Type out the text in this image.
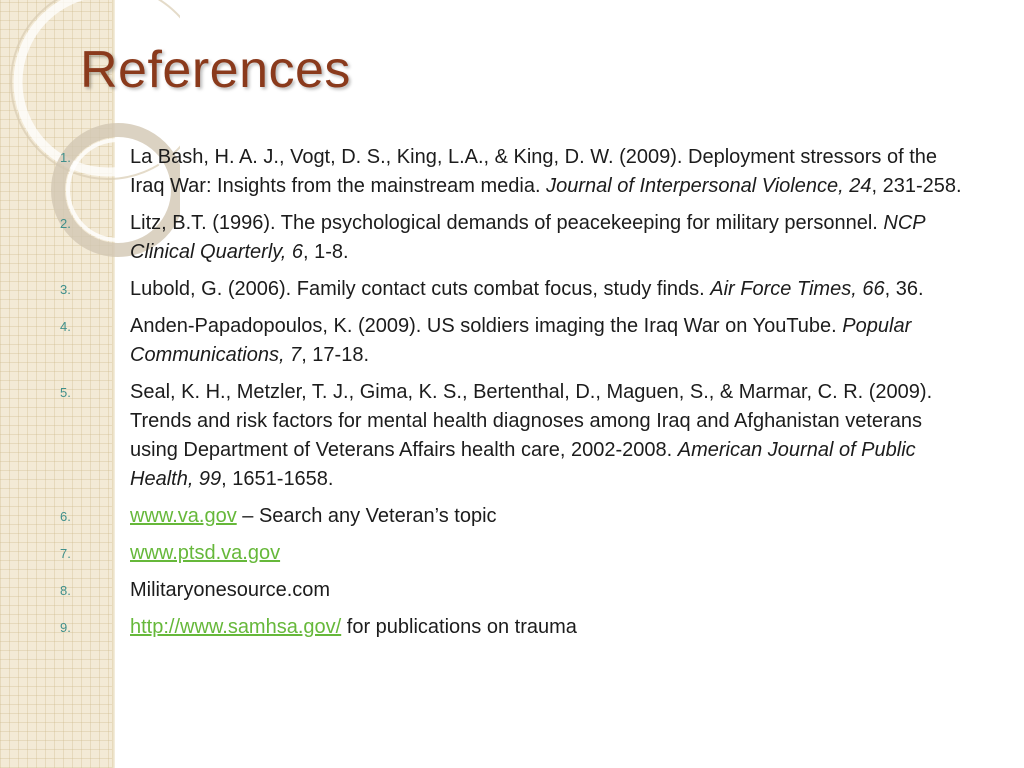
References
1.	La Bash, H. A. J., Vogt, D. S., King, L.A., & King, D. W. (2009). Deployment stressors of the Iraq War: Insights from the mainstream media. Journal of Interpersonal Violence, 24, 231-258.
2.	Litz, B.T. (1996). The psychological demands of peacekeeping for military personnel. NCP Clinical Quarterly, 6, 1-8.
3.	Lubold, G. (2006). Family contact cuts combat focus, study finds. Air Force Times, 66, 36.
4.	Anden-Papadopoulos, K. (2009). US soldiers imaging the Iraq War on YouTube. Popular Communications, 7, 17-18.
5.	Seal, K. H., Metzler, T. J., Gima, K. S., Bertenthal, D., Maguen, S., & Marmar, C. R. (2009). Trends and risk factors for mental health diagnoses among Iraq and Afghanistan veterans using Department of Veterans Affairs health care, 2002-2008. American Journal of Public Health, 99, 1651-1658.
6.	www.va.gov – Search any Veteran’s topic
7.	www.ptsd.va.gov
8.	Militaryonesource.com
9.	http://www.samhsa.gov/ for publications on trauma
